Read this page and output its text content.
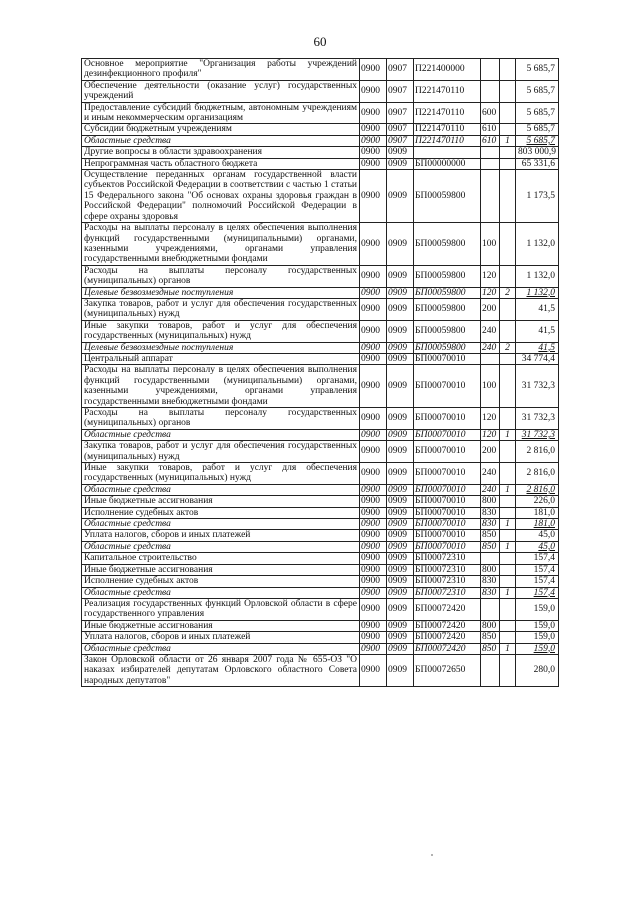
60
Основное мероприятие "Организация работы учреждений дезинфекционного профиля"	0900	0907	П221400000			5 685,7
Обеспечение деятельности (оказание услуг) государственных учреждений	0900	0907	П221470110			5 685,7
Предоставление субсидий бюджетным, автономным учреждениям и иным некоммерческим организациям	0900	0907	П221470110	600		5 685,7
Субсидии бюджетным учреждениям	0900	0907	П221470110	610		5 685,7
Областные средства	0900	0907	П221470110	610	1	5 685,7
Другие вопросы в области здравоохранения	0900	0909				803 000,9
Непрограммная часть областного бюджета	0900	0909	БП00000000			65 331,6
Осуществление переданных органам государственной власти субъектов Российской Федерации в соответствии с частью 1 статьи 15 Федерального закона "Об основах охраны здоровья граждан в Российской Федерации" полномочий Российской Федерации в сфере охраны здоровья	0900	0909	БП00059800			1 173,5
Расходы на выплаты персоналу в целях обеспечения выполнения функций государственными (муниципальными) органами, казенными учреждениями, органами управления государственными внебюджетными фондами	0900	0909	БП00059800	100		1 132,0
Расходы на выплаты персоналу государственных (муниципальных) органов	0900	0909	БП00059800	120		1 132,0
Целевые безвозмездные поступления	0900	0909	БП00059800	120	2	1 132,0
Закупка товаров, работ и услуг для обеспечения государственных (муниципальных) нужд	0900	0909	БП00059800	200		41,5
Иные закупки товаров, работ и услуг для обеспечения государственных (муниципальных) нужд	0900	0909	БП00059800	240		41,5
Целевые безвозмездные поступления	0900	0909	БП00059800	240	2	41,5
Центральный аппарат	0900	0909	БП00070010			34 774,4
Расходы на выплаты персоналу в целях обеспечения выполнения функций государственными (муниципальными) органами, казенными учреждениями, органами управления государственными внебюджетными фондами	0900	0909	БП00070010	100		31 732,3
Расходы на выплаты персоналу государственных (муниципальных) органов	0900	0909	БП00070010	120		31 732,3
Областные средства	0900	0909	БП00070010	120	1	31 732,3
Закупка товаров, работ и услуг для обеспечения государственных (муниципальных) нужд	0900	0909	БП00070010	200		2 816,0
Иные закупки товаров, работ и услуг для обеспечения государственных (муниципальных) нужд	0900	0909	БП00070010	240		2 816,0
Областные средства	0900	0909	БП00070010	240	1	2 816,0
Иные бюджетные ассигнования	0900	0909	БП00070010	800		226,0
Исполнение судебных актов	0900	0909	БП00070010	830		181,0
Областные средства	0900	0909	БП00070010	830	1	181,0
Уплата налогов, сборов и иных платежей	0900	0909	БП00070010	850		45,0
Областные средства	0900	0909	БП00070010	850	1	45,0
Капитальное строительство	0900	0909	БП00072310			157,4
Иные бюджетные ассигнования	0900	0909	БП00072310	800		157,4
Исполнение судебных актов	0900	0909	БП00072310	830		157,4
Областные средства	0900	0909	БП00072310	830	1	157,4
Реализация государственных функций Орловской области в сфере государственного управления	0900	0909	БП00072420			159,0
Иные бюджетные ассигнования	0900	0909	БП00072420	800		159,0
Уплата налогов, сборов и иных платежей	0900	0909	БП00072420	850		159,0
Областные средства	0900	0909	БП00072420	850	1	159,0
Закон Орловской области от 26 января 2007 года № 655-ОЗ "О наказах избирателей депутатам Орловского областного Совета народных депутатов"	0900	0909	БП00072650			280,0
